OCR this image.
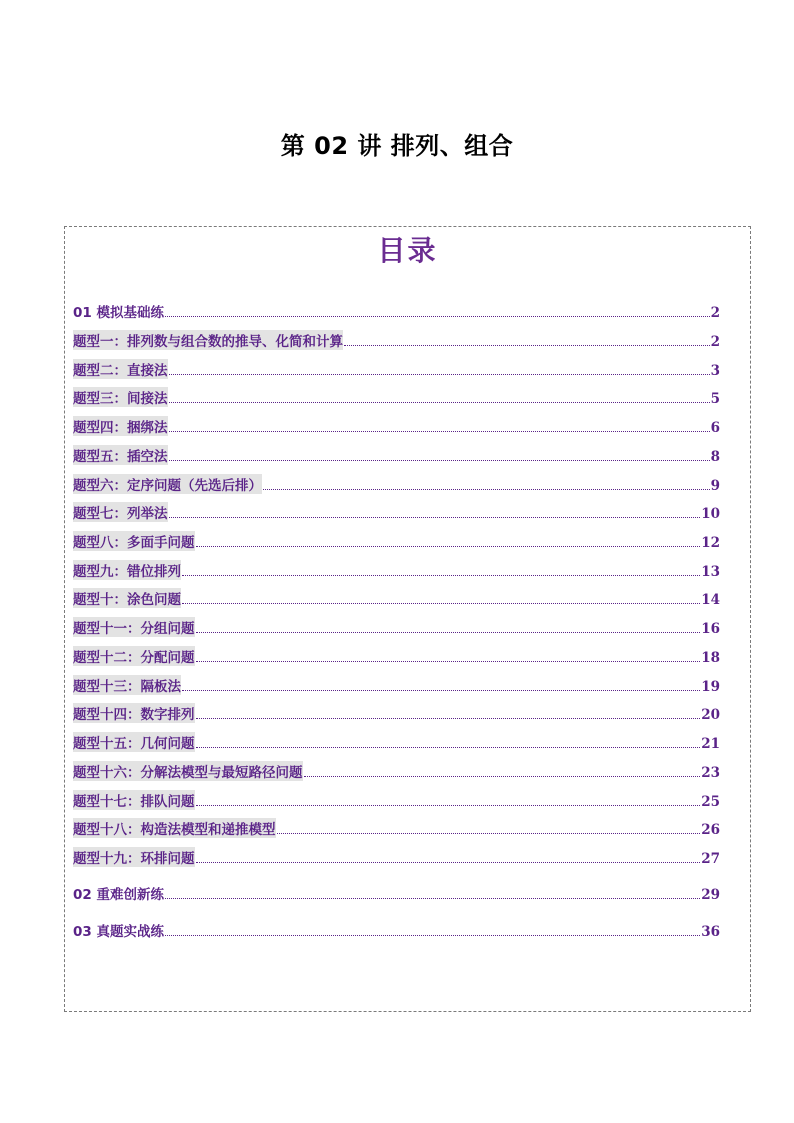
第 02 讲 排列、组合
目录
01 模拟基础练	2
题型一：排列数与组合数的推导、化简和计算	2
题型二：直接法	3
题型三：间接法	5
题型四：捆绑法	6
题型五：插空法	8
题型六：定序问题（先选后排）	9
题型七：列举法	10
题型八：多面手问题	12
题型九：错位排列	13
题型十：涂色问题	14
题型十一：分组问题	16
题型十二：分配问题	18
题型十三：隔板法	19
题型十四：数字排列	20
题型十五：几何问题	21
题型十六：分解法模型与最短路径问题	23
题型十七：排队问题	25
题型十八：构造法模型和递推模型	26
题型十九：环排问题	27
02 重难创新练	29
03 真题实战练	36
